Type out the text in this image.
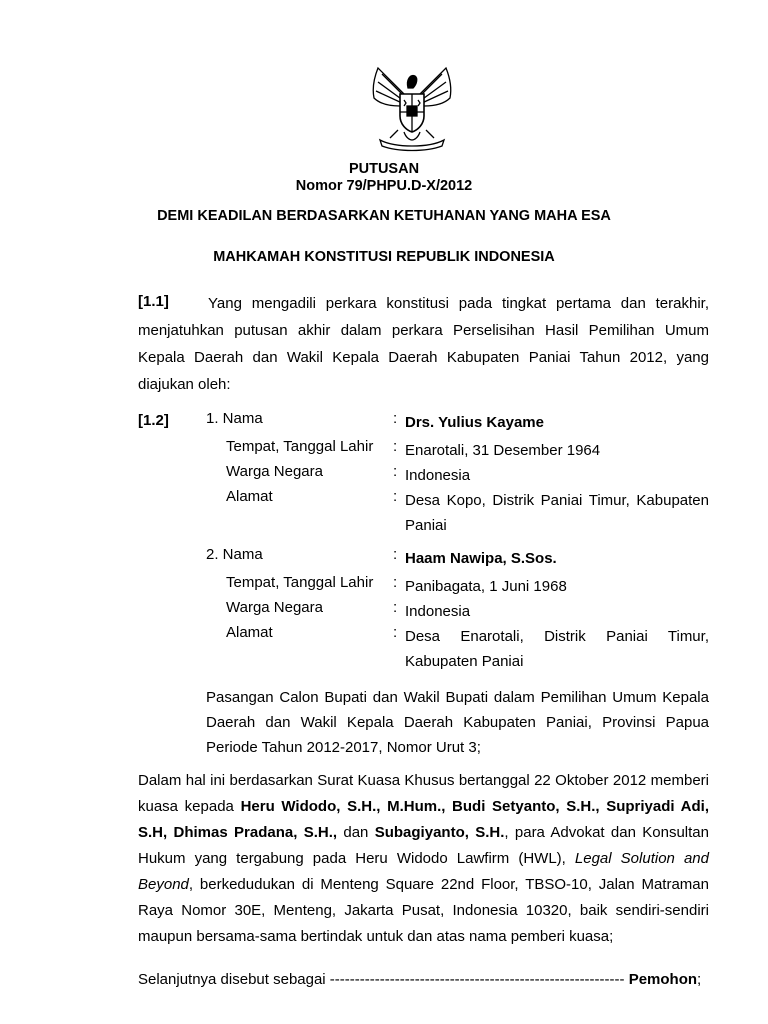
PUTUSAN
Nomor 79/PHPU.D-X/2012
DEMI KEADILAN BERDASARKAN KETUHANAN YANG MAHA ESA
MAHKAMAH KONSTITUSI REPUBLIK INDONESIA
[1.1]	Yang mengadili perkara konstitusi pada tingkat pertama dan terakhir,
menjatuhkan putusan akhir dalam perkara Perselisihan Hasil Pemilihan Umum Kepala Daerah dan Wakil Kepala Daerah Kabupaten Paniai Tahun 2012, yang diajukan oleh:
[1.2] 1. Nama	: Drs. Yulius Kayame
Tempat, Tanggal Lahir : Enarotali, 31 Desember 1964
Warga Negara	: Indonesia
Alamat	: Desa Kopo, Distrik Paniai Timur, Kabupaten
Paniai
2. Nama	: Haam Nawipa, S.Sos.
Tempat, Tanggal Lahir : Panibagata, 1 Juni 1968
Warga Negara	: Indonesia
Alamat	: Desa Enarotali, Distrik Paniai Timur,
Kabupaten Paniai
Pasangan Calon Bupati dan Wakil Bupati dalam Pemilihan Umum Kepala Daerah dan Wakil Kepala Daerah Kabupaten Paniai, Provinsi Papua Periode Tahun 2012-2017, Nomor Urut 3;
Dalam hal ini berdasarkan Surat Kuasa Khusus bertanggal 22 Oktober 2012 memberi kuasa kepada Heru Widodo, S.H., M.Hum., Budi Setyanto, S.H., Supriyadi Adi, S.H, Dhimas Pradana, S.H., dan Subagiyanto, S.H., para Advokat dan Konsultan Hukum yang tergabung pada Heru Widodo Lawfirm (HWL), Legal Solution and Beyond, berkedudukan di Menteng Square 22nd Floor, TBSO-10, Jalan Matraman Raya Nomor 30E, Menteng, Jakarta Pusat, Indonesia 10320, baik sendiri-sendiri maupun bersama-sama bertindak untuk dan atas nama pemberi kuasa;
Selanjutnya disebut sebagai ----------------------------------------------------------- Pemohon;
